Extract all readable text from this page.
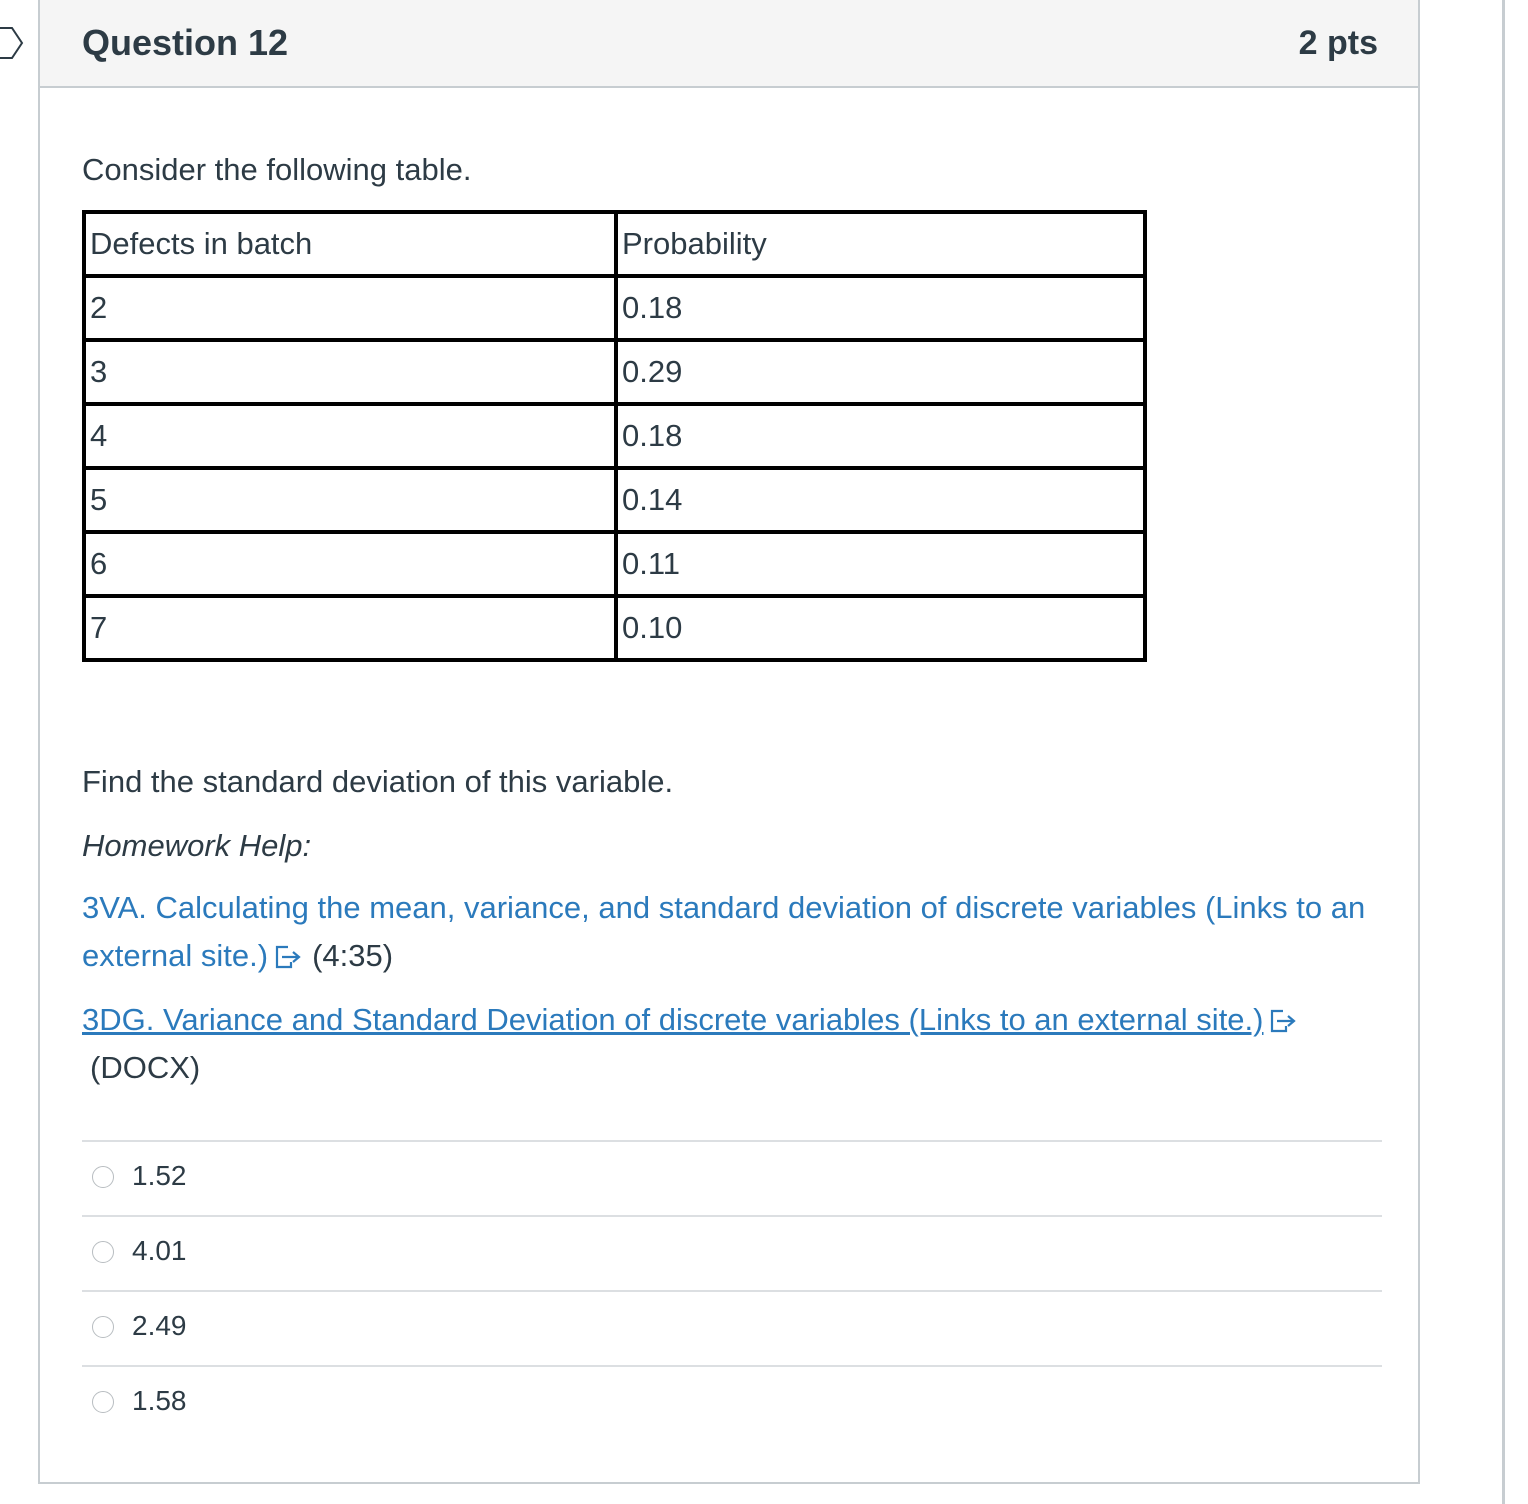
Question 12	2 pts

Consider the following table.

Defects in batch	Probability
2	0.18
3	0.29
4	0.18
5	0.14
6	0.11
7	0.10

Find the standard deviation of this variable.

Homework Help:

3VA. Calculating the mean, variance, and standard deviation of discrete variables (Links to an external site.) (4:35)

3DG. Variance and Standard Deviation of discrete variables (Links to an external site.)
(DOCX)

1.52
4.01
2.49
1.58
